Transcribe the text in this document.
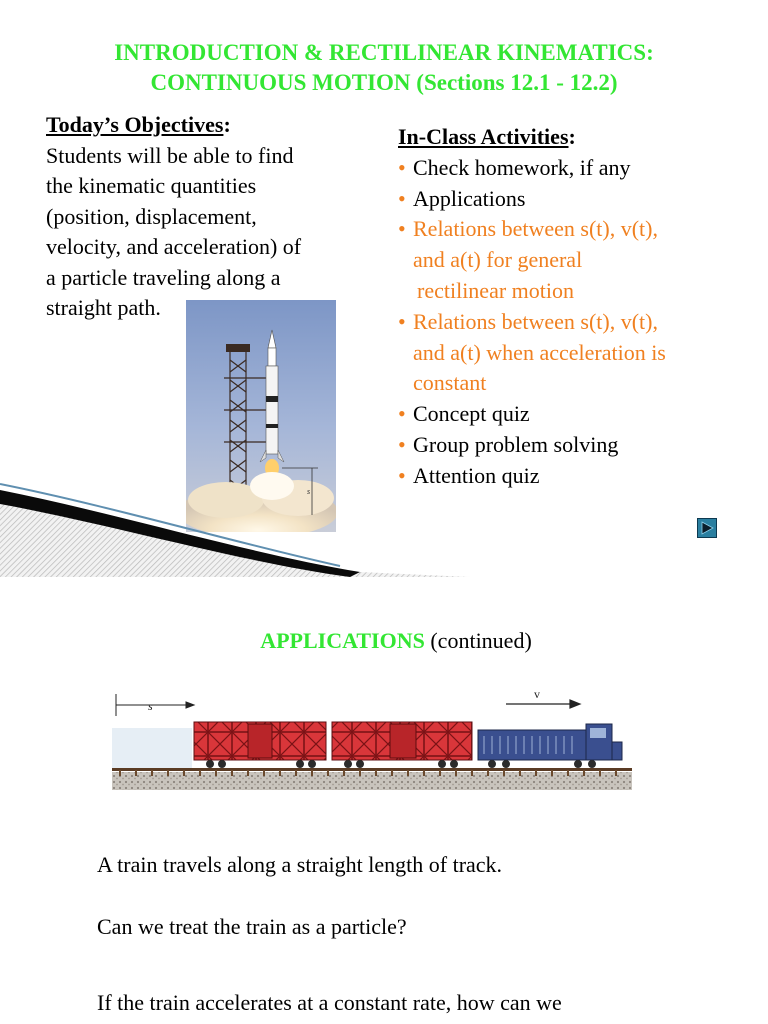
INTRODUCTION & RECTILINEAR KINEMATICS:
CONTINUOUS MOTION (Sections 12.1 - 12.2)
Today’s Objectives:
Students will be able to find
the kinematic quantities
(position, displacement,
velocity, and acceleration) of
a particle traveling along a
straight path.
s
In-Class Activities:
• Check homework, if any
• Applications
• Relations between s(t), v(t),
and a(t) for general
rectilinear motion
• Relations between s(t), v(t),
and a(t) when acceleration is
constant
• Concept quiz
• Group problem solving
• Attention quiz
APPLICATIONS (continued)
s
v
A train travels along a straight length of track.
Can we treat the train as a particle?
If the train accelerates at a constant rate, how can we
